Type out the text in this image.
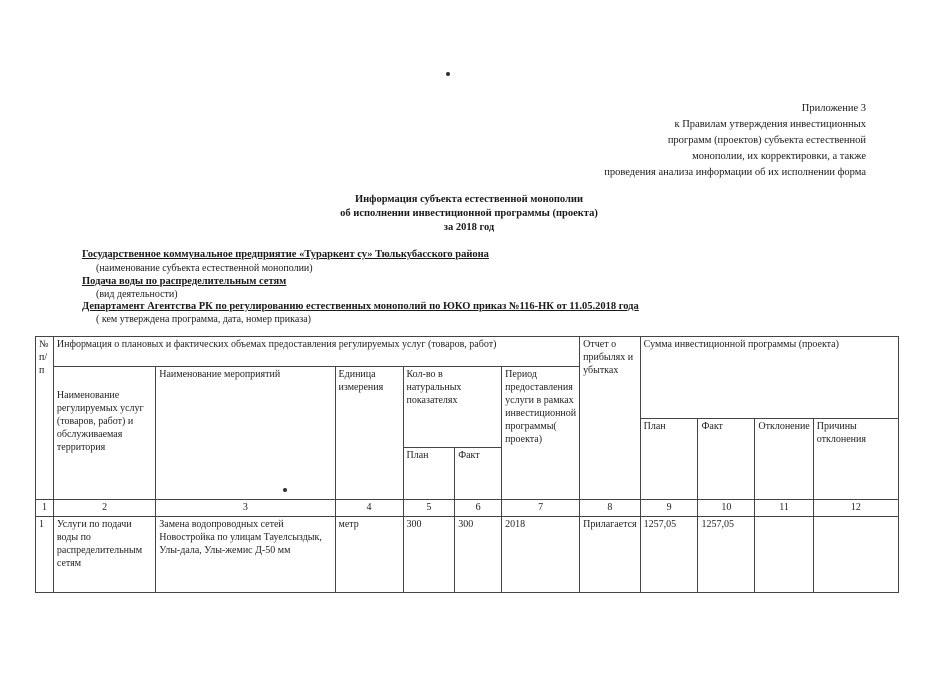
Приложение 3
к Правилам утверждения инвестиционных
программ (проектов) субъекта естественной
монополии, их корректировки, а также
проведения анализа информации об их исполнении форма
Информация субъекта естественной монополии
об исполнении инвестиционной программы (проекта)
за 2018 год
Государственное коммунальное предприятие «Тураркент су» Тюлькубасского района
(наименование субъекта естественной монополии)
Подача воды по распределительным сетям
(вид деятельности)
Департамент Агентства РК по регулированию естественных монополий по ЮКО приказ №116-НК от 11.05.2018 года
( кем утверждена программа, дата, номер приказа)
№ п/п	Информация о плановых и фактических объемах предоставления регулируемых услуг (товаров, работ)						Отчет о прибылях и убытках	Сумма инвестиционной программы (проекта)			
	Наименование регулируемых услуг (товаров, работ) и обслуживаемая территория	Наименование мероприятий	Единица измерения	Кол-во в натуральных показателях		Период предоставления услуги в рамках инвестиционной программы( проекта)					
								План	Факт	Отклонение	Причины отклонения
				План	Факт						
1	2	3	4	5	6	7	8	9	10	11	12
1	Услуги по подачи воды по распределительным сетям	Замена водопроводных сетей Новостройка по улицам Тауелсыздык, Улы-дала, Улы-жемис Д-50 мм	метр	300	300	2018	Прилагается	1257,05	1257,05		
